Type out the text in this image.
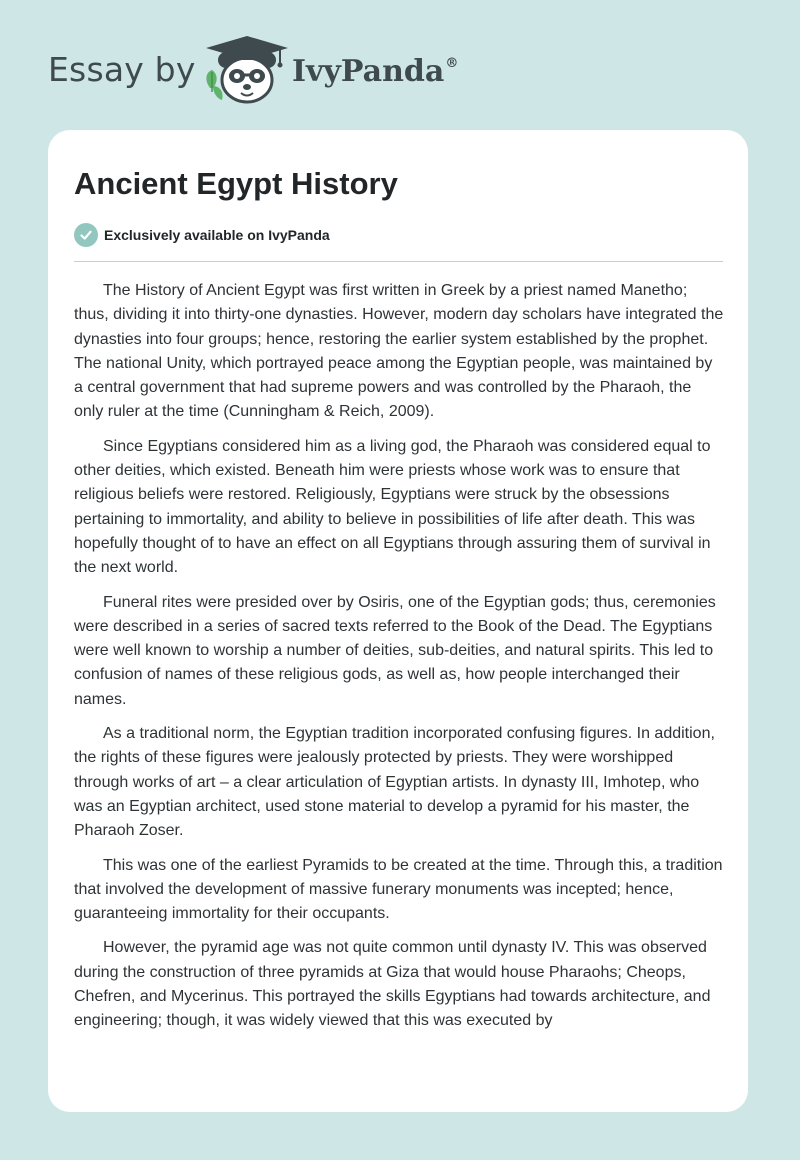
Essay by	IvyPanda®
Ancient Egypt History
Exclusively available on IvyPanda

The History of Ancient Egypt was first written in Greek by a priest named Manetho; thus, dividing it into thirty-one dynasties. However, modern day scholars have integrated the dynasties into four groups; hence, restoring the earlier system established by the prophet. The national Unity, which portrayed peace among the Egyptian people, was maintained by a central government that had supreme powers and was controlled by the Pharaoh, the only ruler at the time (Cunningham & Reich, 2009).

Since Egyptians considered him as a living god, the Pharaoh was considered equal to other deities, which existed. Beneath him were priests whose work was to ensure that religious beliefs were restored. Religiously, Egyptians were struck by the obsessions pertaining to immortality, and ability to believe in possibilities of life after death. This was hopefully thought of to have an effect on all Egyptians through assuring them of survival in the next world.

Funeral rites were presided over by Osiris, one of the Egyptian gods; thus, ceremonies were described in a series of sacred texts referred to the Book of the Dead. The Egyptians were well known to worship a number of deities, sub-deities, and natural spirits. This led to confusion of names of these religious gods, as well as, how people interchanged their names.

As a traditional norm, the Egyptian tradition incorporated confusing figures. In addition, the rights of these figures were jealously protected by priests. They were worshipped through works of art – a clear articulation of Egyptian artists. In dynasty III, Imhotep, who was an Egyptian architect, used stone material to develop a pyramid for his master, the Pharaoh Zoser.

This was one of the earliest Pyramids to be created at the time. Through this, a tradition that involved the development of massive funerary monuments was incepted; hence, guaranteeing immortality for their occupants.

However, the pyramid age was not quite common until dynasty IV. This was observed during the construction of three pyramids at Giza that would house Pharaohs; Cheops, Chefren, and Mycerinus. This portrayed the skills Egyptians had towards architecture, and engineering; though, it was widely viewed that this was executed by
